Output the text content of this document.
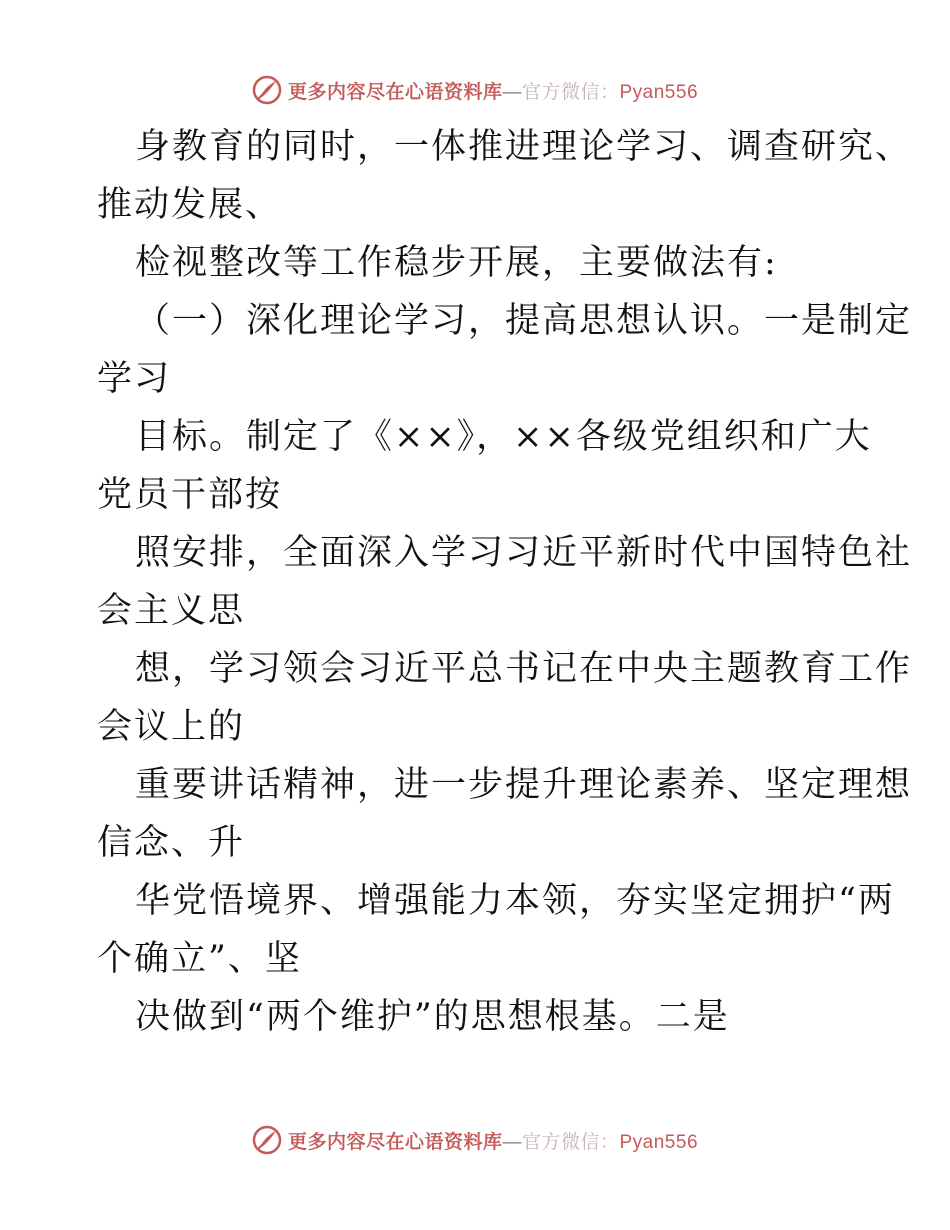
更多内容尽在心语资料库—官方微信：Pyan556
身教育的同时，一体推进理论学习、调查研究、
推动发展、
检视整改等工作稳步开展，主要做法有:
（一）深化理论学习，提高思想认识。一是制定
学习
目标。制定了《××》，××各级党组织和广大
党员干部按
照安排，全面深入学习习近平新时代中国特色社
会主义思
想，学习领会习近平总书记在中央主题教育工作
会议上的
重要讲话精神，进一步提升理论素养、坚定理想
信念、升
华党悟境界、增强能力本领，夯实坚定拥护“两
个确立”、坚
决做到“两个维护”的思想根基。二是
更多内容尽在心语资料库—官方微信：Pyan556
